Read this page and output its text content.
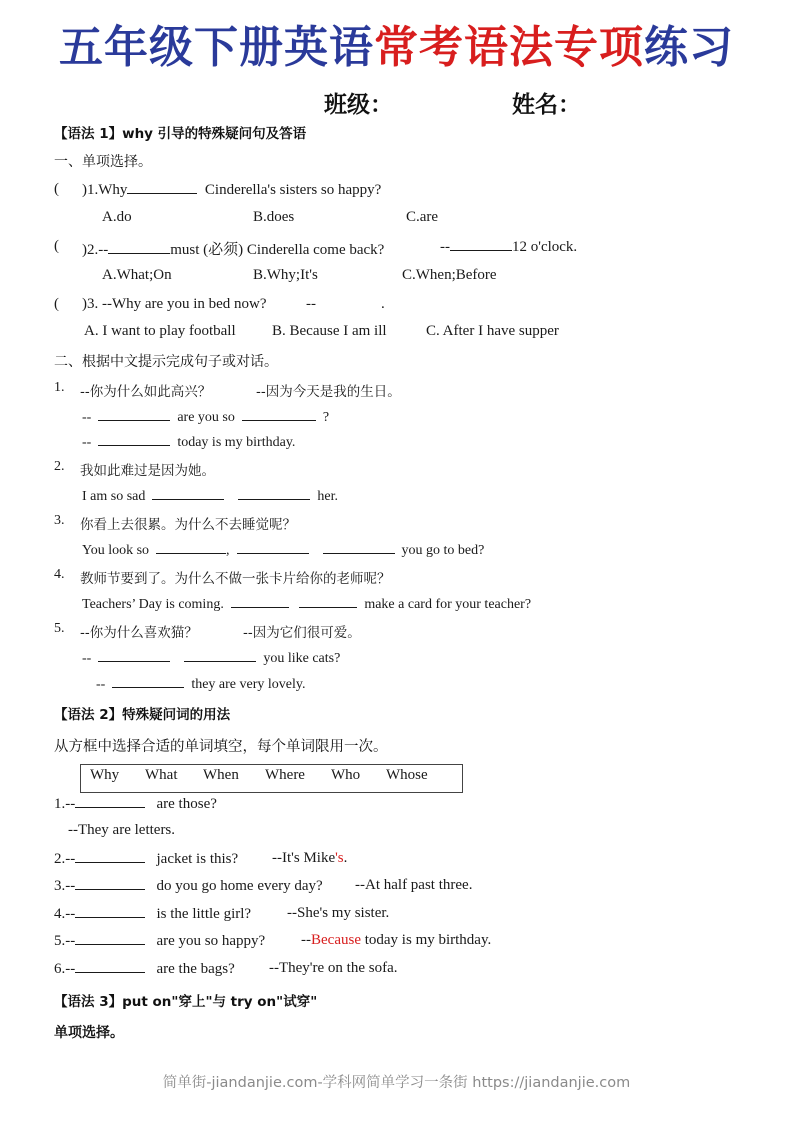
五年级下册英语常考语法专项练习
班级：	姓名：
【语法 1】why 引导的特殊疑问句及答语
一、单项选择。
( )1.Why	Cinderella's sisters so happy?
A.do	B.does	C.are
( )2.--	must (必须) Cinderella come back?	--	12 o'clock.
A.What;On	B.Why;It's	C.When;Before
( )3. --Why are you in bed now?	--	.
A. I want to play football B. Because I am ill	C. After I have supper
二、根据中文提示完成句子或对话。
1. --你为什么如此高兴？	--因为今天是我的生日。
--	are you so	?
--	today is my birthday.
2. 我如此难过是因为她。
I am so sad	her.
3. 你看上去很累。为什么不去睡觉呢？
You look so	,	you go to bed?
4. 教师节要到了。为什么不做一张卡片给你的老师呢？
Teachers’ Day is coming.	make a card for your teacher?
5. --你为什么喜欢猫？	--因为它们很可爱。
--	you like cats?
--	they are very lovely.
【语法 2】特殊疑问词的用法
从方框中选择合适的单词填空，每个单词限用一次。
Why What When Where Who Whose
1.--	are those?
--They are letters.
2.--	jacket is this? --It's Mike's.
3.--	do you go home every day? --At half past three.
4.--	is the little girl? --She's my sister.
5.--	are you so happy? --Because today is my birthday.
6.--	are the bags? --They're on the sofa.
【语法 3】put on"穿上"与 try on"试穿"
单项选择。
简单街-jiandanjie.com-学科网简单学习一条街 https://jiandanjie.com
